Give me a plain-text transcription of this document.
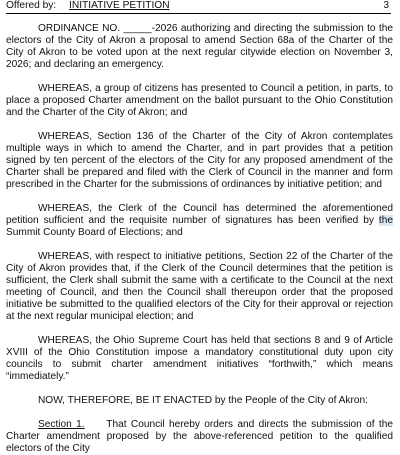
Offered by: INITIATIVE PETITION	3

ORDINANCE NO. _____-2026 authorizing and directing the submission to the electors of the City of Akron a proposal to amend Section 68a of the Charter of the City of Akron to be voted upon at the next regular citywide election on November 3, 2026; and declaring an emergency.

WHEREAS, a group of citizens has presented to Council a petition, in parts, to place a proposed Charter amendment on the ballot pursuant to the Ohio Constitution and the Charter of the City of Akron; and

WHEREAS, Section 136 of the Charter of the City of Akron contemplates multiple ways in which to amend the Charter, and in part provides that a petition signed by ten percent of the electors of the City for any proposed amendment of the Charter shall be prepared and filed with the Clerk of Council in the manner and form prescribed in the Charter for the submissions of ordinances by initiative petition; and

WHEREAS, the Clerk of the Council has determined the aforementioned petition sufficient and the requisite number of signatures has been verified by the Summit County Board of Elections; and

WHEREAS, with respect to initiative petitions, Section 22 of the Charter of the City of Akron provides that, if the Clerk of the Council determines that the petition is sufficient, the Clerk shall submit the same with a certificate to the Council at the next meeting of Council, and then the Council shall thereupon order that the proposed initiative be submitted to the qualified electors of the City for their approval or rejection at the next regular municipal election; and

WHEREAS, the Ohio Supreme Court has held that sections 8 and 9 of Article XVIII of the Ohio Constitution impose a mandatory constitutional duty upon city councils to submit charter amendment initiatives “forthwith,” which means “immediately.”

NOW, THEREFORE, BE IT ENACTED by the People of the City of Akron:

Section 1. That Council hereby orders and directs the submission of the Charter amendment proposed by the above-referenced petition to the qualified electors of the City
